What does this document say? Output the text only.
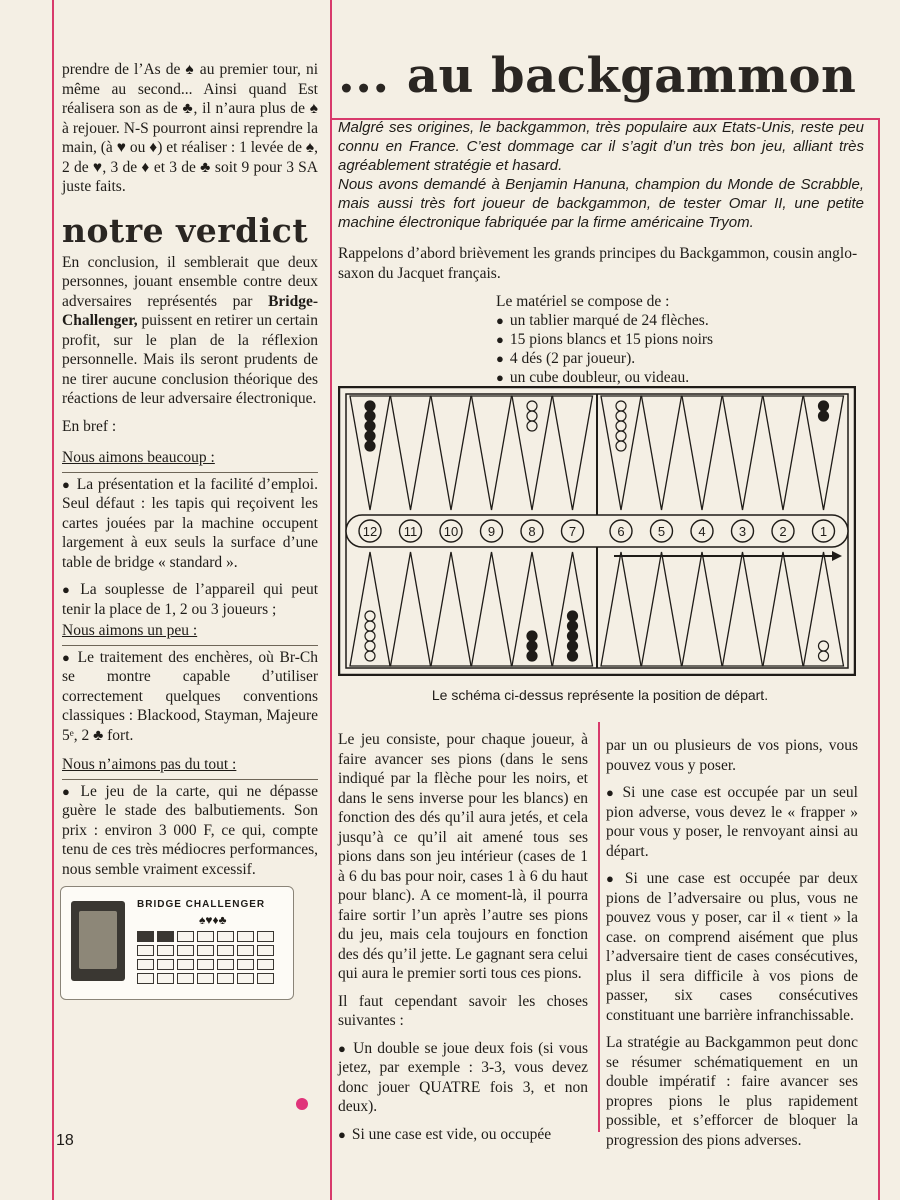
prendre de l’As de ♠ au premier tour, ni même au second... Ainsi quand Est réalisera son as de ♣, il n’aura plus de ♠ à rejouer. N-S pourront ainsi reprendre la main, (à ♥ ou ♦) et réaliser : 1 levée de ♠, 2 de ♥, 3 de ♦ et 3 de ♣ soit 9 pour 3 SA juste faits.

notre verdict

En conclusion, il semblerait que deux personnes, jouant ensemble contre deux adversaires représentés par Bridge-Challenger, puissent en retirer un certain profit, sur le plan de la réflexion personnelle. Mais ils seront prudents de ne tirer aucune conclusion théorique des réactions de leur adversaire électronique.

En bref :

Nous aimons beaucoup :

● La présentation et la facilité d’emploi. Seul défaut : les tapis qui reçoivent les cartes jouées par la machine occupent largement à eux seuls la surface d’une table de bridge « standard ».

● La souplesse de l’appareil qui peut tenir la place de 1, 2 ou 3 joueurs ;

Nous aimons un peu :

● Le traitement des enchères, où Br-Ch se montre capable d’utiliser correctement quelques conventions classiques : Blackood, Stayman, Majeure 5ᵉ, 2 ♣ fort.

Nous n’aimons pas du tout :

● Le jeu de la carte, qui ne dépasse guère le stade des balbutiements. Son prix : environ 3 000 F, ce qui, compte tenu de ces très médiocres performances, nous semble vraiment excessif.

BRIDGE CHALLENGER
♠♥♦♣
... au backgammon

Malgré ses origines, le backgammon, très populaire aux Etats-Unis, reste peu connu en France. C’est dommage car il s’agit d’un très bon jeu, alliant très agréablement stratégie et hasard.

Nous avons demandé à Benjamin Hanuna, champion du Monde de Scrabble, mais aussi très fort joueur de backgammon, de tester Omar II, une petite machine électronique fabriquée par la firme américaine Tryom.

Rappelons d’abord brièvement les grands principes du Backgammon, cousin anglo-saxon du Jacquet français.
Le matériel se compose de :
● un tablier marqué de 24 flèches.
● 15 pions blancs et 15 pions noirs
● 4 dés (2 par joueur).
● un cube doubleur, ou videau.
12 11 10 9	8	7	6	5	4	3	2	1
Le schéma ci-dessus représente la position de départ.

Le jeu consiste, pour chaque joueur, à faire avancer ses pions (dans le sens indiqué par la flèche pour les noirs, et dans le sens inverse pour les blancs) en fonction des dés qu’il aura jetés, et cela jusqu’à ce qu’il ait amené tous ses pions dans son jeu intérieur (cases de 1 à 6 du bas pour noir, cases 1 à 6 du haut pour blanc). A ce moment-là, il pourra faire sortir l’un après l’autre ses pions du jeu, mais cela toujours en fonction des dés qu’il jette. Le gagnant sera celui qui aura le premier sorti tous ces pions.

Il faut cependant savoir les choses suivantes :

● Un double se joue deux fois (si vous jetez, par exemple : 3-3, vous devez donc jouer QUATRE fois 3, et non deux).

● Si une case est vide, ou occupée

par un ou plusieurs de vos pions, vous pouvez vous y poser.

● Si une case est occupée par un seul pion adverse, vous devez le « frapper » pour vous y poser, le renvoyant ainsi au départ.

● Si une case est occupée par deux pions de l’adversaire ou plus, vous ne pouvez vous y poser, car il « tient » la case. on comprend aisément que plus l’adversaire tient de cases consécutives, plus il sera difficile à vos pions de passer, six cases consécutives constituant une barrière infranchissable.

La stratégie au Backgammon peut donc se résumer schématiquement en un double impératif : faire avancer ses propres pions le plus rapidement possible, et s’efforcer de bloquer la progression des pions adverses.

18
